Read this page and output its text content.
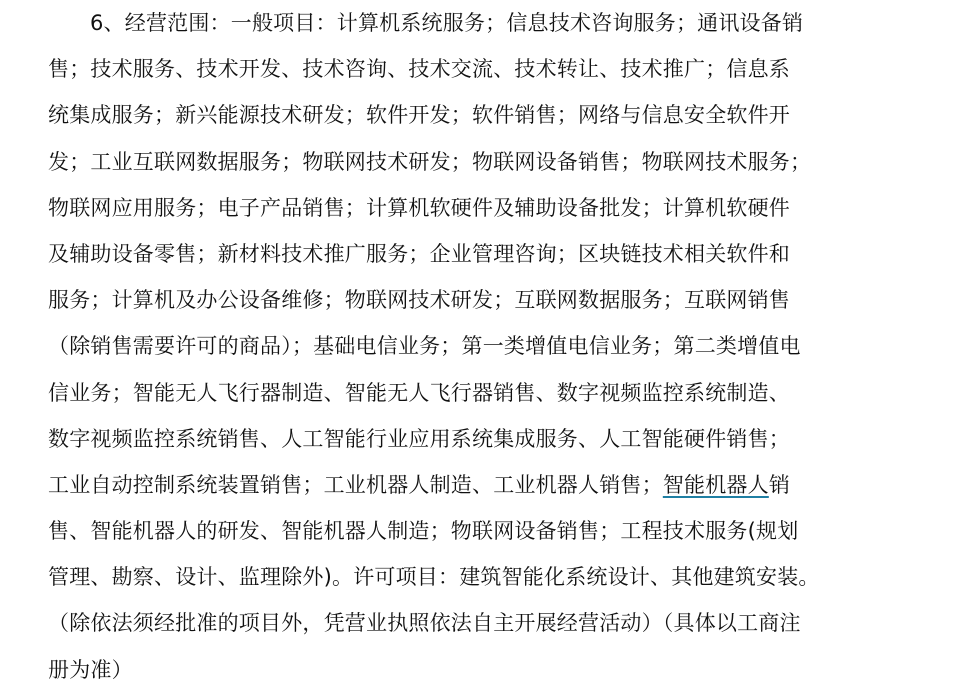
6、经营范围：一般项目：计算机系统服务；信息技术咨询服务；通讯设备销
售；技术服务、技术开发、技术咨询、技术交流、技术转让、技术推广；信息系
统集成服务；新兴能源技术研发；软件开发；软件销售；网络与信息安全软件开
发；工业互联网数据服务；物联网技术研发；物联网设备销售；物联网技术服务；
物联网应用服务；电子产品销售；计算机软硬件及辅助设备批发；计算机软硬件
及辅助设备零售；新材料技术推广服务；企业管理咨询；区块链技术相关软件和
服务；计算机及办公设备维修；物联网技术研发；互联网数据服务；互联网销售
（除销售需要许可的商品）；基础电信业务；第一类增值电信业务；第二类增值电
信业务；智能无人飞行器制造、智能无人飞行器销售、数字视频监控系统制造、
数字视频监控系统销售、人工智能行业应用系统集成服务、人工智能硬件销售；
工业自动控制系统装置销售；工业机器人制造、工业机器人销售；智能机器人销
售、智能机器人的研发、智能机器人制造；物联网设备销售；工程技术服务(规划
管理、勘察、设计、监理除外)。许可项目：建筑智能化系统设计、其他建筑安装。
（除依法须经批准的项目外，凭营业执照依法自主开展经营活动）（具体以工商注
册为准）
